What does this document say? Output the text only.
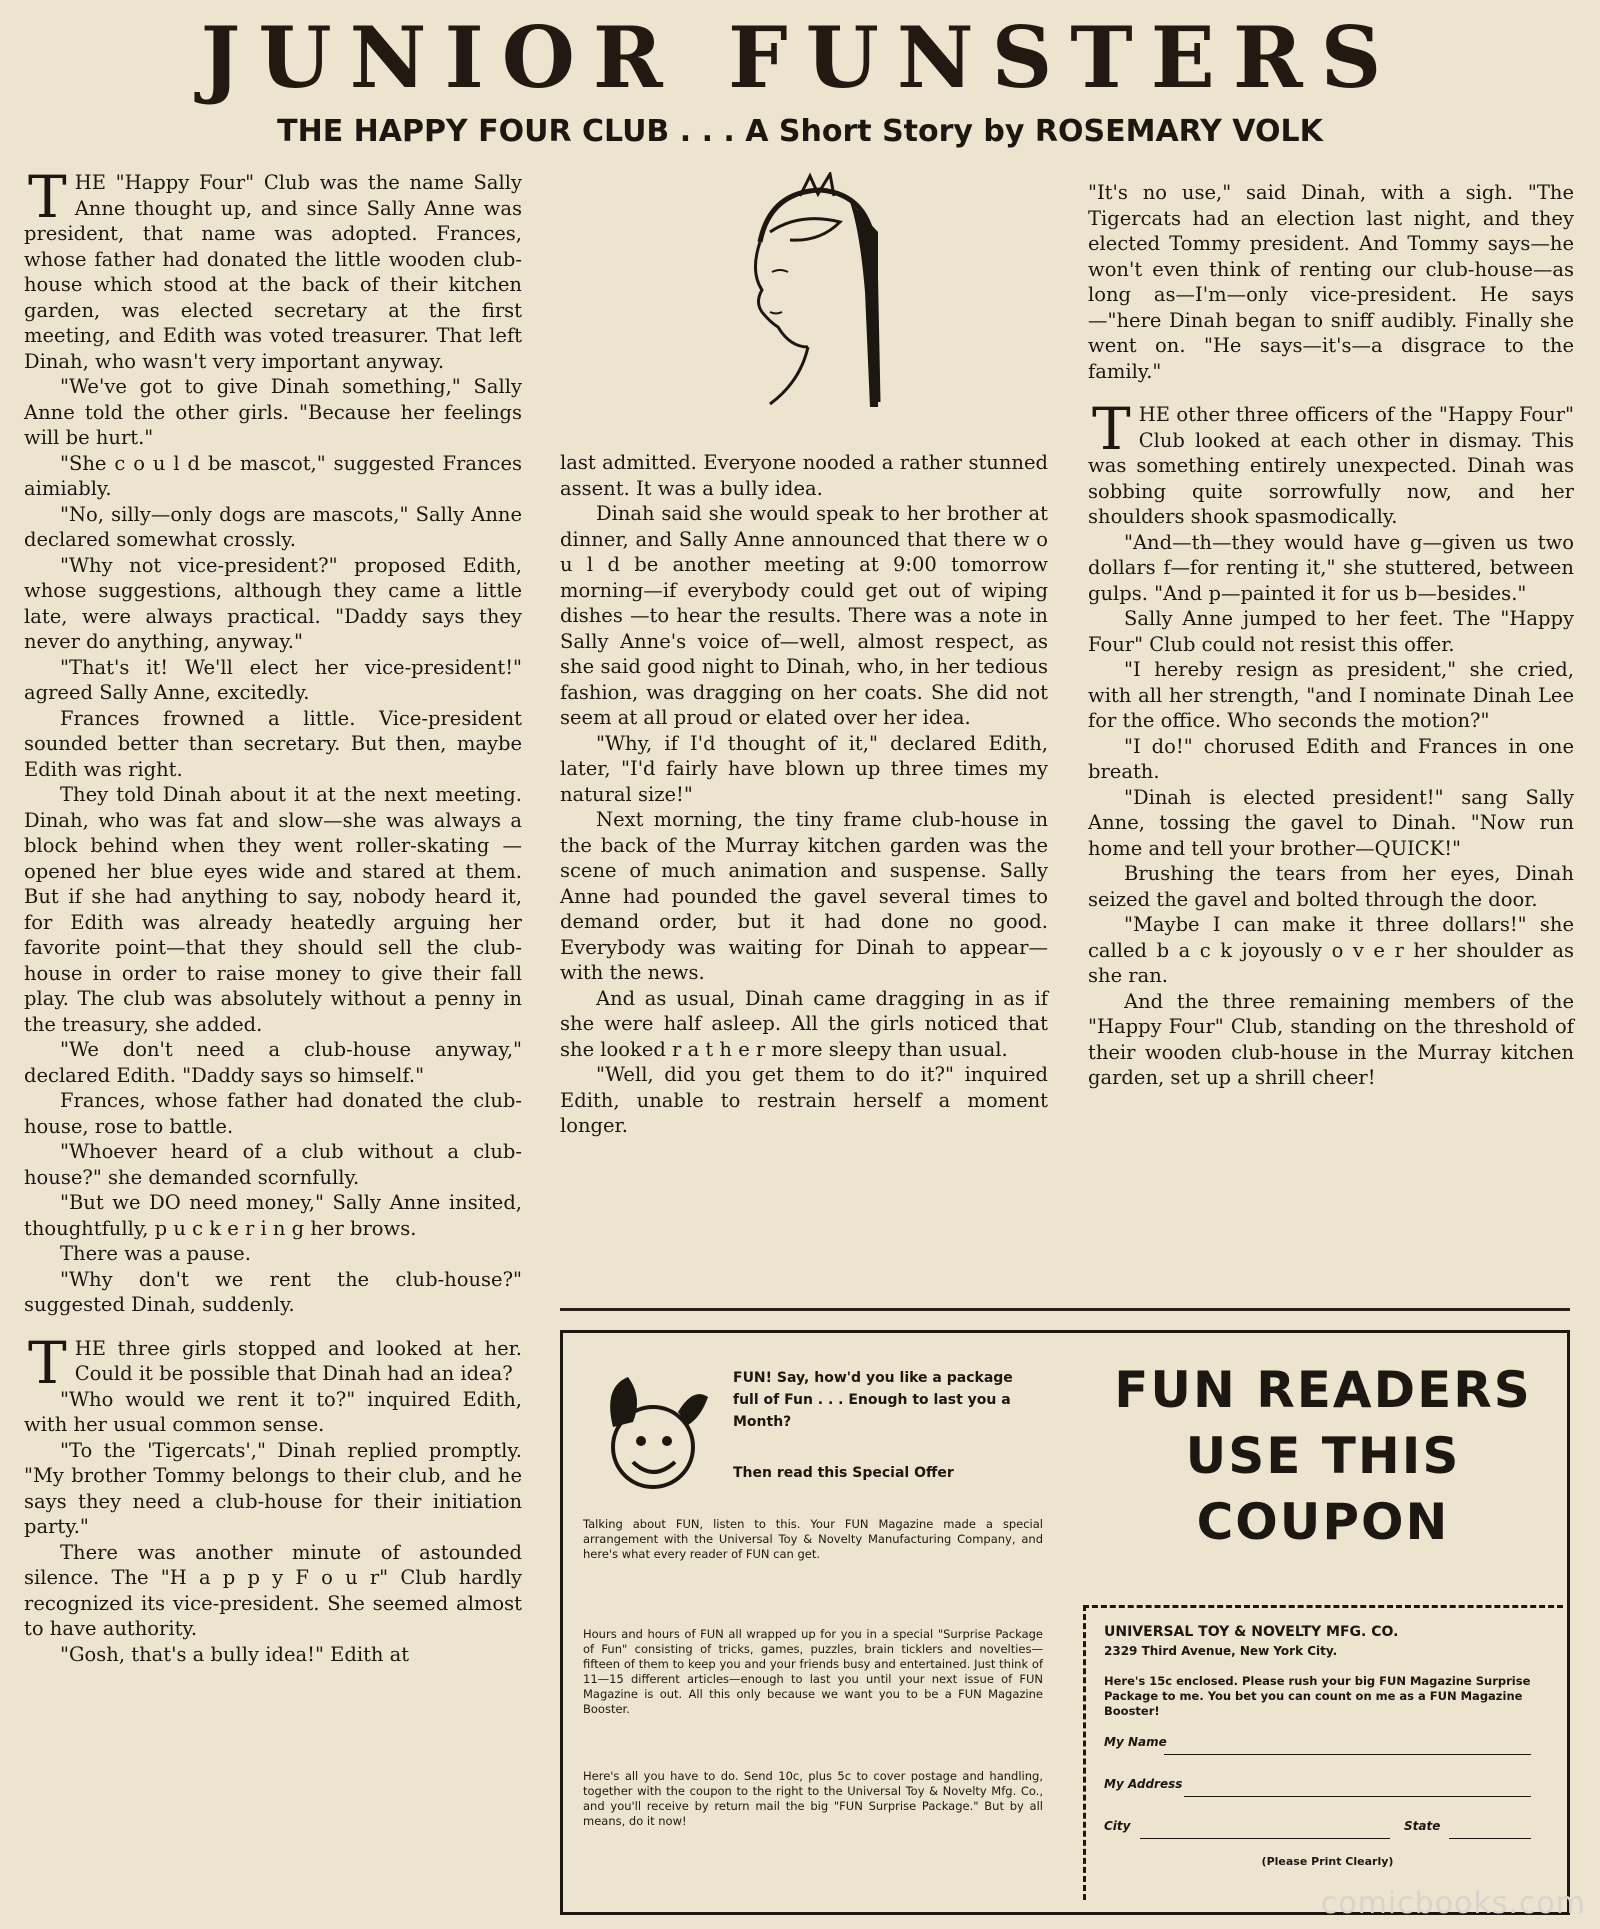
JUNIOR FUNSTERS
THE HAPPY FOUR CLUB . . . A Short Story by ROSEMARY VOLK

THE "Happy Four" Club was the name Sally Anne thought up, and since Sally Anne was president, that name was adopted. Frances, whose father had donated the little wooden club-house which stood at the back of their kitchen garden, was elected secretary at the first meeting, and Edith was voted treasurer. That left Dinah, who wasn't very important anyway.

"We've got to give Dinah something," Sally Anne told the other girls. "Because her feelings will be hurt."

"She c o u l d be mascot," suggested Frances aimiably.

"No, silly—only dogs are mascots," Sally Anne declared somewhat crossly.

"Why not vice-president?" proposed Edith, whose suggestions, although they came a little late, were always practical. "Daddy says they never do anything, anyway."

"That's it! We'll elect her vice-president!" agreed Sally Anne, excitedly.

Frances frowned a little. Vice-president sounded better than secretary. But then, maybe Edith was right.

They told Dinah about it at the next meeting. Dinah, who was fat and slow—she was always a block behind when they went roller-skating — opened her blue eyes wide and stared at them. But if she had anything to say, nobody heard it, for Edith was already heatedly arguing her favorite point—that they should sell the club-house in order to raise money to give their fall play. The club was absolutely without a penny in the treasury, she added.

"We don't need a club-house anyway," declared Edith. "Daddy says so himself."

Frances, whose father had donated the club-house, rose to battle.

"Whoever heard of a club without a club-house?" she demanded scornfully.

"But we DO need money," Sally Anne insited, thoughtfully, p u c k e r i n g her brows.

There was a pause.

"Why don't we rent the club-house?" suggested Dinah, suddenly.

THE three girls stopped and looked at her. Could it be possible that Dinah had an idea?

"Who would we rent it to?" inquired Edith, with her usual common sense.

"To the 'Tigercats'," Dinah replied promptly. "My brother Tommy belongs to their club, and he says they need a club-house for their initiation party."

There was another minute of astounded silence. The "H a p p y F o u r" Club hardly recognized its vice-president. She seemed almost to have authority.

"Gosh, that's a bully idea!" Edith at

last admitted. Everyone nooded a rather stunned assent. It was a bully idea.

Dinah said she would speak to her brother at dinner, and Sally Anne announced that there w o u l d be another meeting at 9:00 tomorrow morning—if everybody could get out of wiping dishes —to hear the results. There was a note in Sally Anne's voice of—well, almost respect, as she said good night to Dinah, who, in her tedious fashion, was dragging on her coats. She did not seem at all proud or elated over her idea.

"Why, if I'd thought of it," declared Edith, later, "I'd fairly have blown up three times my natural size!"

Next morning, the tiny frame club-house in the back of the Murray kitchen garden was the scene of much animation and suspense. Sally Anne had pounded the gavel several times to demand order, but it had done no good. Everybody was waiting for Dinah to appear—with the news.

And as usual, Dinah came dragging in as if she were half asleep. All the girls noticed that she looked r a t h e r more sleepy than usual.

"Well, did you get them to do it?" inquired Edith, unable to restrain herself a moment longer.

"It's no use," said Dinah, with a sigh. "The Tigercats had an election last night, and they elected Tommy president. And Tommy says—he won't even think of renting our club-house—as long as—I'm—only vice-president. He says—"here Dinah began to sniff audibly. Finally she went on. "He says—it's—a disgrace to the family."

THE other three officers of the "Happy Four" Club looked at each other in dismay. This was something entirely unexpected. Dinah was sobbing quite sorrowfully now, and her shoulders shook spasmodically.

"And—th—they would have g—given us two dollars f—for renting it," she stuttered, between gulps. "And p—painted it for us b—besides."

Sally Anne jumped to her feet. The "Happy Four" Club could not resist this offer.

"I hereby resign as president," she cried, with all her strength, "and I nominate Dinah Lee for the office. Who seconds the motion?"

"I do!" chorused Edith and Frances in one breath.

"Dinah is elected president!" sang Sally Anne, tossing the gavel to Dinah. "Now run home and tell your brother—QUICK!"

Brushing the tears from her eyes, Dinah seized the gavel and bolted through the door.

"Maybe I can make it three dollars!" she called b a c k joyously o v e r her shoulder as she ran.

And the three remaining members of the "Happy Four" Club, standing on the threshold of their wooden club-house in the Murray kitchen garden, set up a shrill cheer!

FUN! Say, how'd you like a package full of Fun . . . Enough to last you a Month?
Then read this Special Offer
Talking about FUN, listen to this. Your FUN Magazine made a special arrangement with the Universal Toy & Novelty Manufacturing Company, and here's what every reader of FUN can get.
Hours and hours of FUN all wrapped up for you in a special "Surprise Package of Fun" consisting of tricks, games, puzzles, brain ticklers and novelties—fifteen of them to keep you and your friends busy and entertained. Just think of 11—15 different articles—enough to last you until your next issue of FUN Magazine is out. All this only because we want you to be a FUN Magazine Booster.
Here's all you have to do. Send 10c, plus 5c to cover postage and handling, together with the coupon to the right to the Universal Toy & Novelty Mfg. Co., and you'll receive by return mail the big "FUN Surprise Package." But by all means, do it now!
FUN READERS
USE THIS
COUPON
UNIVERSAL TOY & NOVELTY MFG. CO.
2329 Third Avenue, New York City.
Here's 15c enclosed. Please rush your big FUN Magazine Surprise Package to me. You bet you can count on me as a FUN Magazine Booster!
My Name
My Address
City	State
(Please Print Clearly)
comicbooks.com
